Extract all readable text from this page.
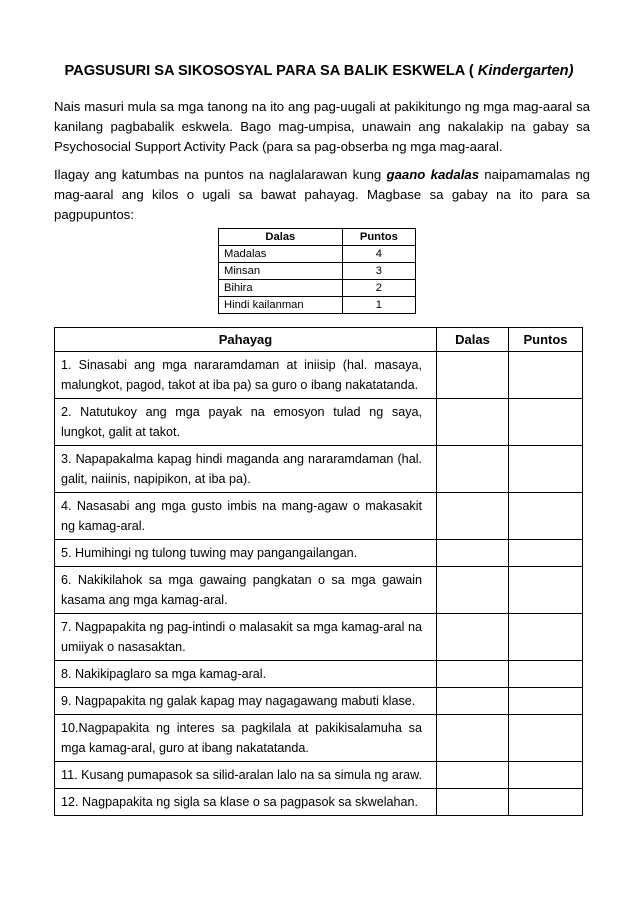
PAGSUSURI SA SIKOSOSYAL PARA SA BALIK ESKWELA ( Kindergarten)

Nais masuri mula sa mga tanong na ito ang pag-uugali at pakikitungo ng mga mag-aaral sa kanilang pagbabalik eskwela. Bago mag-umpisa, unawain ang nakalakip na gabay sa Psychosocial Support Activity Pack (para sa pag-obserba ng mga mag-aaral.

Ilagay ang katumbas na puntos na naglalarawan kung gaano kadalas naipamamalas ng mag-aaral ang kilos o ugali sa bawat pahayag. Magbase sa gabay na ito para sa pagpupuntos:

Dalas	Puntos
Madalas	4
Minsan	3
Bihira	2
Hindi kailanman	1
Pahayag	Dalas	Puntos
1. Sinasabi ang mga nararamdaman at iniisip (hal. masaya, malungkot, pagod, takot at iba pa) sa guro o ibang nakatatanda.		
2. Natutukoy ang mga payak na emosyon tulad ng saya, lungkot, galit at takot.		
3. Napapakalma kapag hindi maganda ang nararamdaman (hal. galit, naiinis, napipikon, at iba pa).		
4. Nasasabi ang mga gusto imbis na mang-agaw o makasakit ng kamag-aral.		
5. Humihingi ng tulong tuwing may pangangailangan.		
6. Nakikilahok sa mga gawaing pangkatan o sa mga gawain kasama ang mga kamag-aral.		
7. Nagpapakita ng pag-intindi o malasakit sa mga kamag-aral na umiiyak o nasasaktan.		
8. Nakikipaglaro sa mga kamag-aral.		
9. Nagpapakita ng galak kapag may nagagawang mabuti klase.		
10.Nagpapakita ng interes sa pagkilala at pakikisalamuha sa mga kamag-aral, guro at ibang nakatatanda.		
11. Kusang pumapasok sa silid-aralan lalo na sa simula ng araw.		
12. Nagpapakita ng sigla sa klase o sa pagpasok sa skwelahan.		
